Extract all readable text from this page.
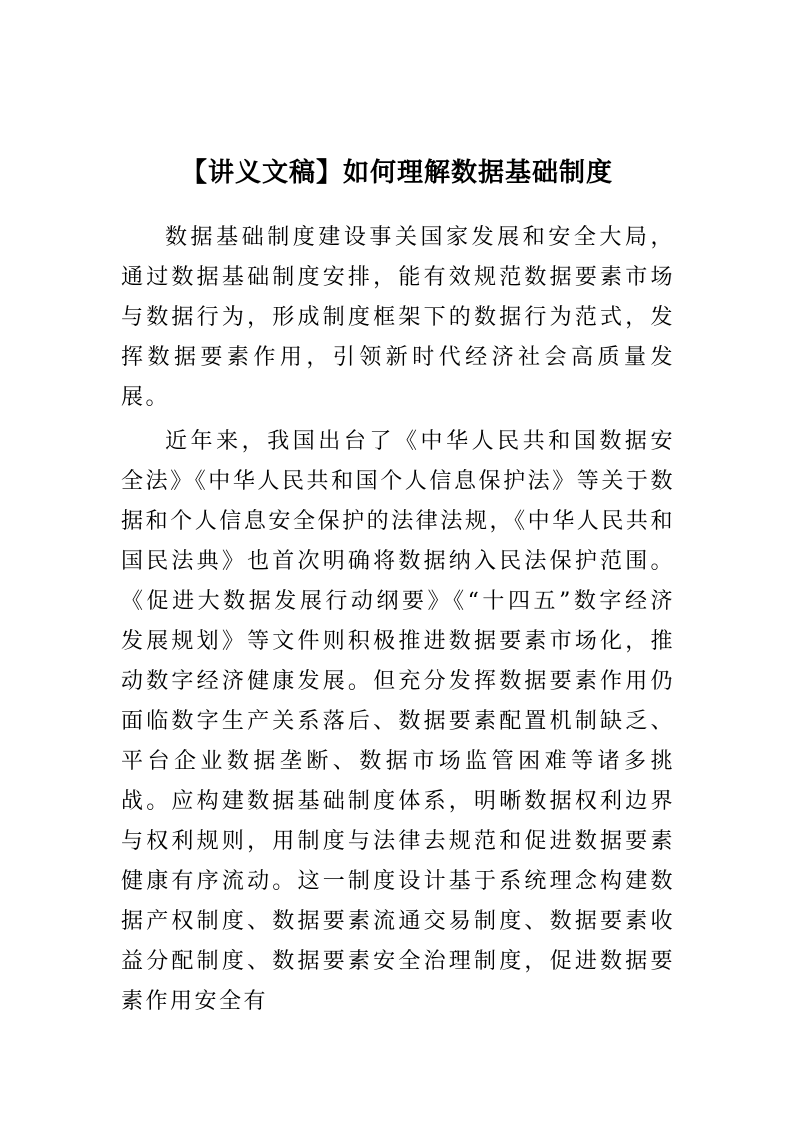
【讲义文稿】如何理解数据基础制度

数据基础制度建设事关国家发展和安全大局，通过数据基础制度安排，能有效规范数据要素市场与数据行为，形成制度框架下的数据行为范式，发挥数据要素作用，引领新时代经济社会高质量发展。

近年来，我国出台了《中华人民共和国数据安全法》《中华人民共和国个人信息保护法》等关于数据和个人信息安全保护的法律法规，《中华人民共和国民法典》也首次明确将数据纳入民法保护范围。《促进大数据发展行动纲要》《“十四五”数字经济发展规划》等文件则积极推进数据要素市场化，推动数字经济健康发展。但充分发挥数据要素作用仍面临数字生产关系落后、数据要素配置机制缺乏、平台企业数据垄断、数据市场监管困难等诸多挑战。应构建数据基础制度体系，明晰数据权利边界与权利规则，用制度与法律去规范和促进数据要素健康有序流动。这一制度设计基于系统理念构建数据产权制度、数据要素流通交易制度、数据要素收益分配制度、数据要素安全治理制度，促进数据要素作用安全有
